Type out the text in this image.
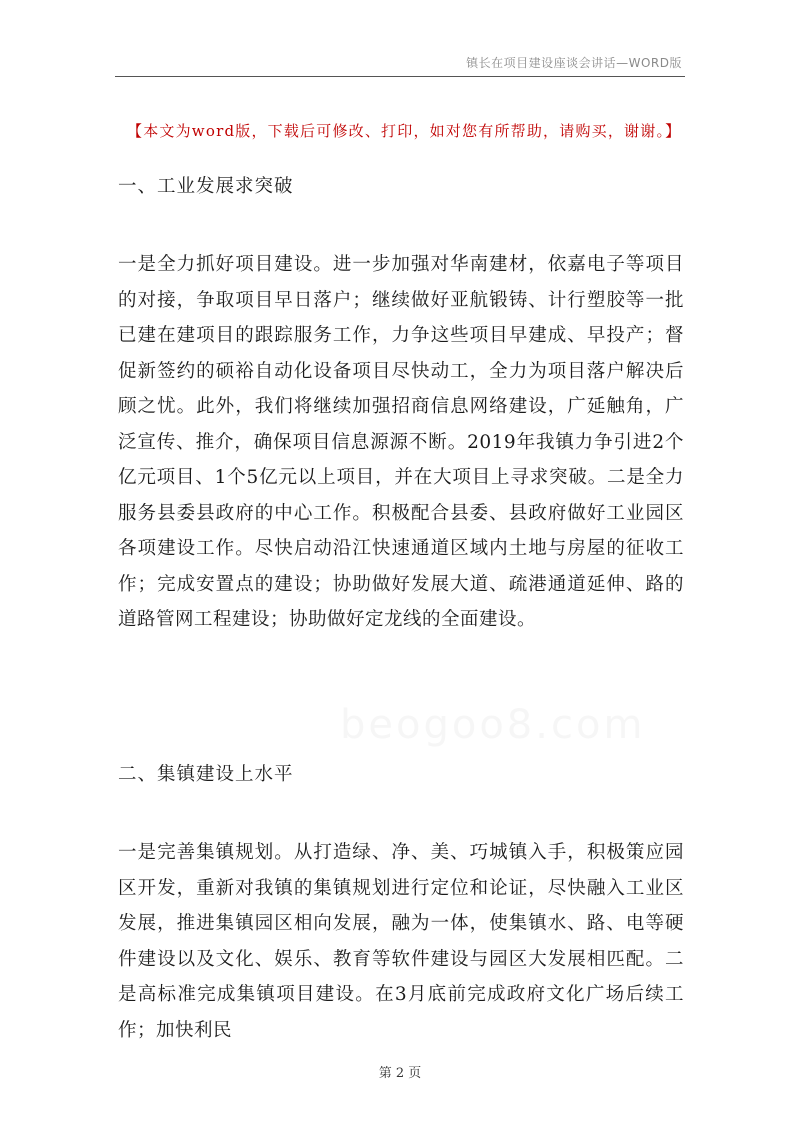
镇长在项目建设座谈会讲话—WORD版
【本文为word版，下载后可修改、打印，如对您有所帮助，请购买，谢谢。】
一、工业发展求突破
一是全力抓好项目建设。进一步加强对华南建材，依嘉电子等项目的对接，争取项目早日落户；继续做好亚航锻铸、计行塑胶等一批已建在建项目的跟踪服务工作，力争这些项目早建成、早投产；督促新签约的硕裕自动化设备项目尽快动工，全力为项目落户解决后顾之忧。此外，我们将继续加强招商信息网络建设，广延触角，广泛宣传、推介，确保项目信息源源不断。2019年我镇力争引进2个亿元项目、1个5亿元以上项目，并在大项目上寻求突破。二是全力服务县委县政府的中心工作。积极配合县委、县政府做好工业园区各项建设工作。尽快启动沿江快速通道区域内土地与房屋的征收工作；完成安置点的建设；协助做好发展大道、疏港通道延伸、路的道路管网工程建设；协助做好定龙线的全面建设。
beogoo8.com
二、集镇建设上水平
一是完善集镇规划。从打造绿、净、美、巧城镇入手，积极策应园区开发，重新对我镇的集镇规划进行定位和论证，尽快融入工业区发展，推进集镇园区相向发展，融为一体，使集镇水、路、电等硬件建设以及文化、娱乐、教育等软件建设与园区大发展相匹配。二是高标准完成集镇项目建设。在3月底前完成政府文化广场后续工作；加快利民
第 2 页
